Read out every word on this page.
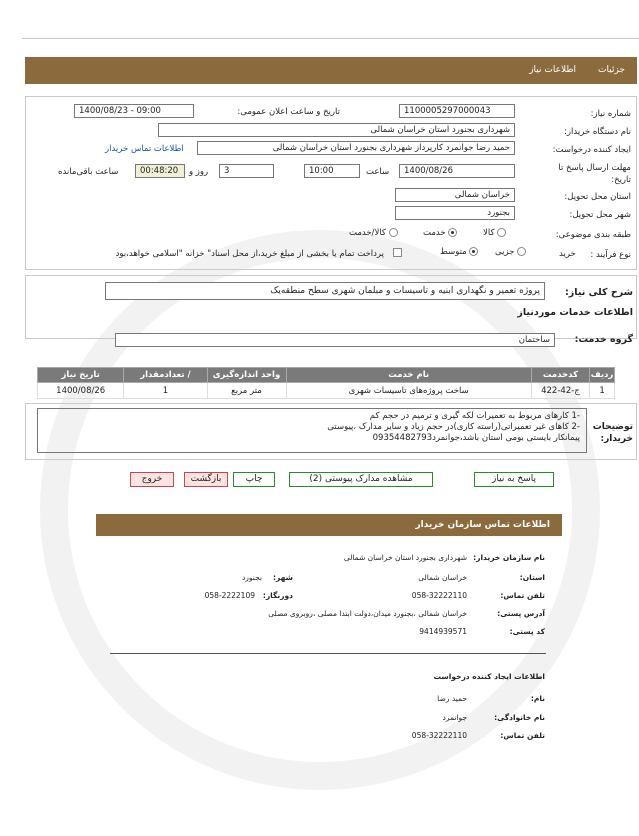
جزئیات
اطلاعات نیاز
شماره نیاز:
1100005297000043
تاریخ و ساعت اعلان عمومی:
1400/08/23 - 09:00
نام دستگاه خریدار:
شهرداری بجنورد استان خراسان شمالی
ایجاد کننده درخواست:
حمید رضا جوانمرد کارپرداز شهرداری بجنورد استان خراسان شمالی
اطلاعات تماس خریدار
مهلت ارسال پاسخ تا تاریخ:
1400/08/26
ساعت
10:00
3
روز و
00:48:20
ساعت باقی‌مانده
استان محل تحویل:
خراسان شمالی
شهر محل تحویل:
بجنورد
طبقه بندی موضوعی:
کالا
خدمت
کالا/خدمت
نوع فرآیند :
خرید
جزیی
متوسط
پرداخت تمام یا بخشی از مبلغ خرید،از محل اسناد" خزانه "اسلامی خواهد،بود
شرح کلی نیاز:
پروژه تعمیر و نگهداری ابنیه و تاسیسات و مبلمان شهری سطح منطقه‌یک
اطلاعات خدمات موردنیاز
گروه خدمت:
ساختمان
ردیف	کدخدمت	نام خدمت	واحد اندازه‌گیری	/ تعداد‌مقدار	تاریخ نیاز
1	ج-42-422	ساخت پروژه‌های تاسیسات شهری	متر مربع	1	1400/08/26
توضیحات خریدار:
-1 کارهای مربوط به تعمیرات لکه گیری و ترمیم در حجم کم
-2 کاهای غیر تعمیراتی(راسته کاری)در حجم زیاد و سایر مدارک ،پیوستی
پیمانکار بایستی بومی استان باشد،جوانمرد09354482793
پاسخ به نیاز
مشاهده مدارک پیوستی (2)
چاپ
بازگشت
خروج
اطلاعات تماس سازمان خریدار
نام سازمان خریدار:
شهرداری بجنورد استان خراسان شمالی
استان:
خراسان شمالی
شهر:
بجنورد
تلفن تماس:
058-32222110
دورنگار:
058-2222109
آدرس پستی:
خراسان شمالی ،بجنورد میدان،دولت ابتدا مصلی ،روبروی مصلی
کد پستی:
9414939571
اطلاعات ایجاد کننده درخواست
نام:
حمید رضا
نام خانوادگی:
جوانمرد
تلفن تماس:
058-32222110
